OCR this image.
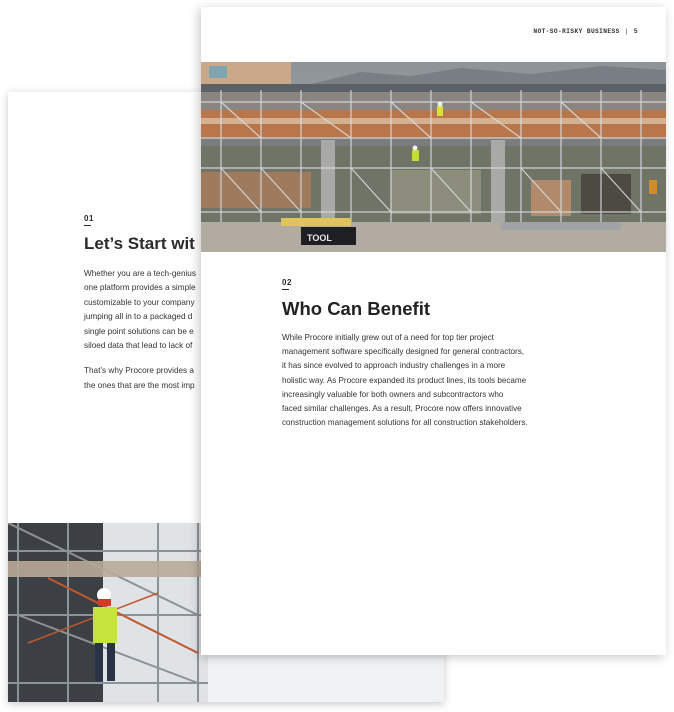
01
Let’s Start wit

Whether you are a tech-genius
one platform provides a simple
customizable to your company
jumping all in to a packaged d
single point solutions can be e
siloed data that lead to lack of

That’s why Procore provides a
the ones that are the most imp

NOT-SO-RISKY BUSINESS | 5
TOOL
02
Who Can Benefit
While Procore initially grew out of a need for top tier project
management software specifically designed for general contractors,
it has since evolved to approach industry challenges in a more
holistic way. As Procore expanded its product lines, its tools became
increasingly valuable for both owners and subcontractors who
faced similar challenges. As a result, Procore now offers innovative
construction management solutions for all construction stakeholders.
